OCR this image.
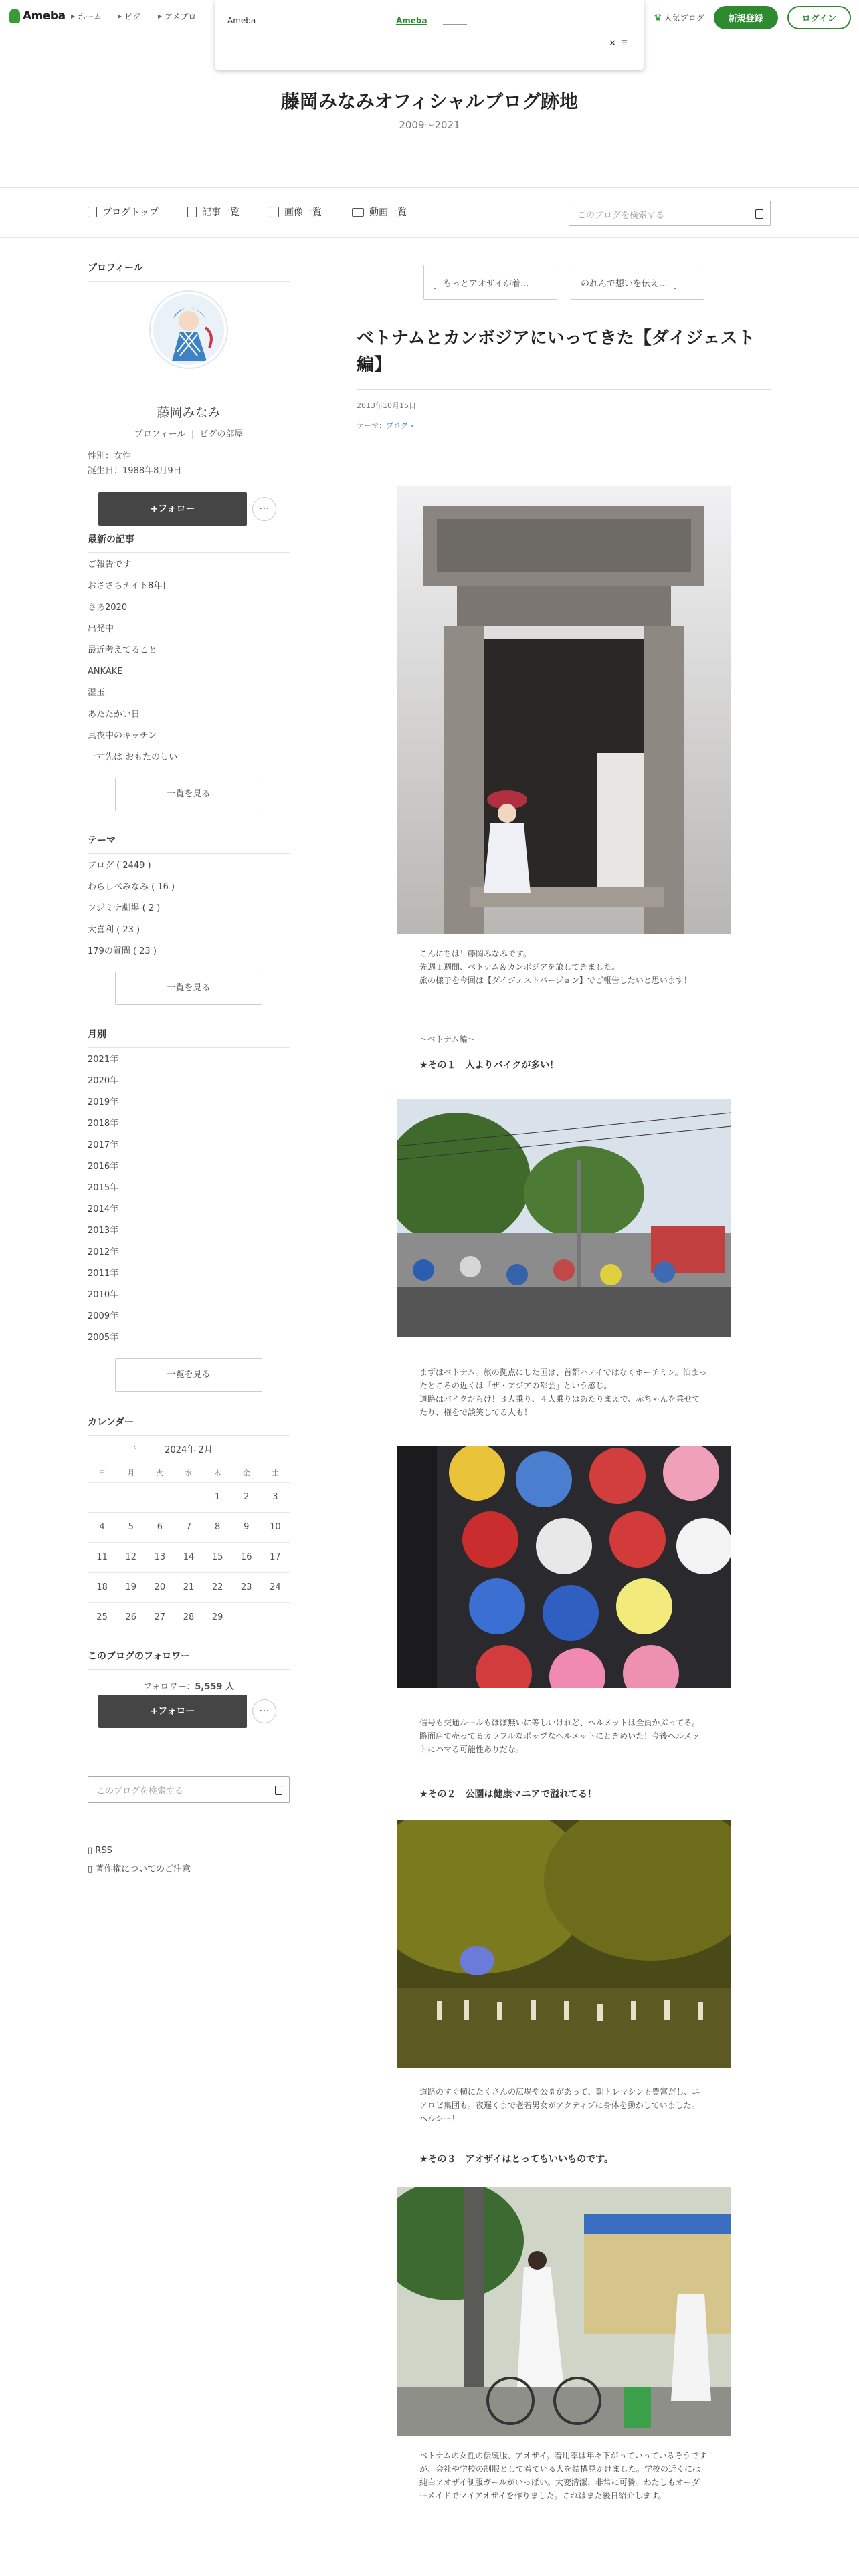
Ameba ▶ ホーム	▶ ピグ	▶ アメブロ	♛ 人気ブログ	新規登録	ログイン
Ameba	Ameba
✕ ☰
藤岡みなみオフィシャルブログ跡地
2009〜2021
ブログトップ	記事一覧	画像一覧	動画一覧	このブログを検索する
プロフィール
藤岡みなみ
プロフィール ピグの部屋
性別：女性
誕生日：1988年8月9日
+フォロー	⋯
最新の記事
ご報告です
おささらナイト8年目
さあ2020
出発中
最近考えてること
ANKAKE
湿玉
あたたかい日
真夜中のキッチン
一寸先は おもたのしい
一覧を見る
テーマ
ブログ ( 2449 )
わらしべみなみ ( 16 )
フジミナ劇場 ( 2 )
大喜利 ( 23 )
179の質問 ( 23 )
一覧を見る
月別
2021年
2020年
2019年
2018年
2017年
2016年
2015年
2014年
2013年
2012年
2011年
2010年
2009年
2005年
一覧を見る
カレンダー
‹	2024年 2月
日	月	火	水	木	金	土
				1	2	3
4	5	6	7	8	9	10
11	12	13	14	15	16	17
18	19	20	21	22	23	24
25	26	27	28	29		
このブログのフォロワー
フォロワー：5,559 人
+フォロー	⋯
このブログを検索する
▯ RSS
▯ 著作権についてのご注意
もっとアオザイが着...	のれんで想いを伝え...
ベトナムとカンボジアにいってきた【ダイジェスト編】
2013年10月15日
テーマ：ブログ ›
こんにちは！藤岡みなみです。
先週１週間、ベトナム＆カンボジアを旅してきました。
旅の様子を今回は【ダイジェストバージョン】でご報告したいと思います！
〜ベトナム編〜
★その１　人よりバイクが多い！
まずはベトナム。旅の拠点にした国は、首都ハノイではなくホーチミン。泊まったところの近くは「ザ・アジアの都会」という感じ。
道路はバイクだらけ！３人乗り、４人乗りはあたりまえで、赤ちゃんを乗せてたり、権をで談笑してる人も！
信号も交通ルールもほぼ無いに等しいけれど、ヘルメットは全員かぶってる。路面店で売ってるカラフルなポップなヘルメットにときめいた！今後ヘルメットにハマる可能性ありだな。
★その２　公園は健康マニアで溢れてる！
道路のすぐ横にたくさんの広場や公園があって、朝トレマシンも豊富だし、エアロビ集団も。夜遅くまで老若男女がアクティブに身体を動かしていました。ヘルシー！
★その３　アオザイはとってもいいものです。
ベトナムの女性の伝統服、アオザイ。着用率は年々下がっていっているそうですが、会社や学校の制服として着ている人を結構見かけました。学校の近くには純白アオザイ制服ガールがいっぱい。大変清潔、非常に可憐。わたしもオーダーメイドでマイアオザイを作りました。これはまた後日紹介します。
